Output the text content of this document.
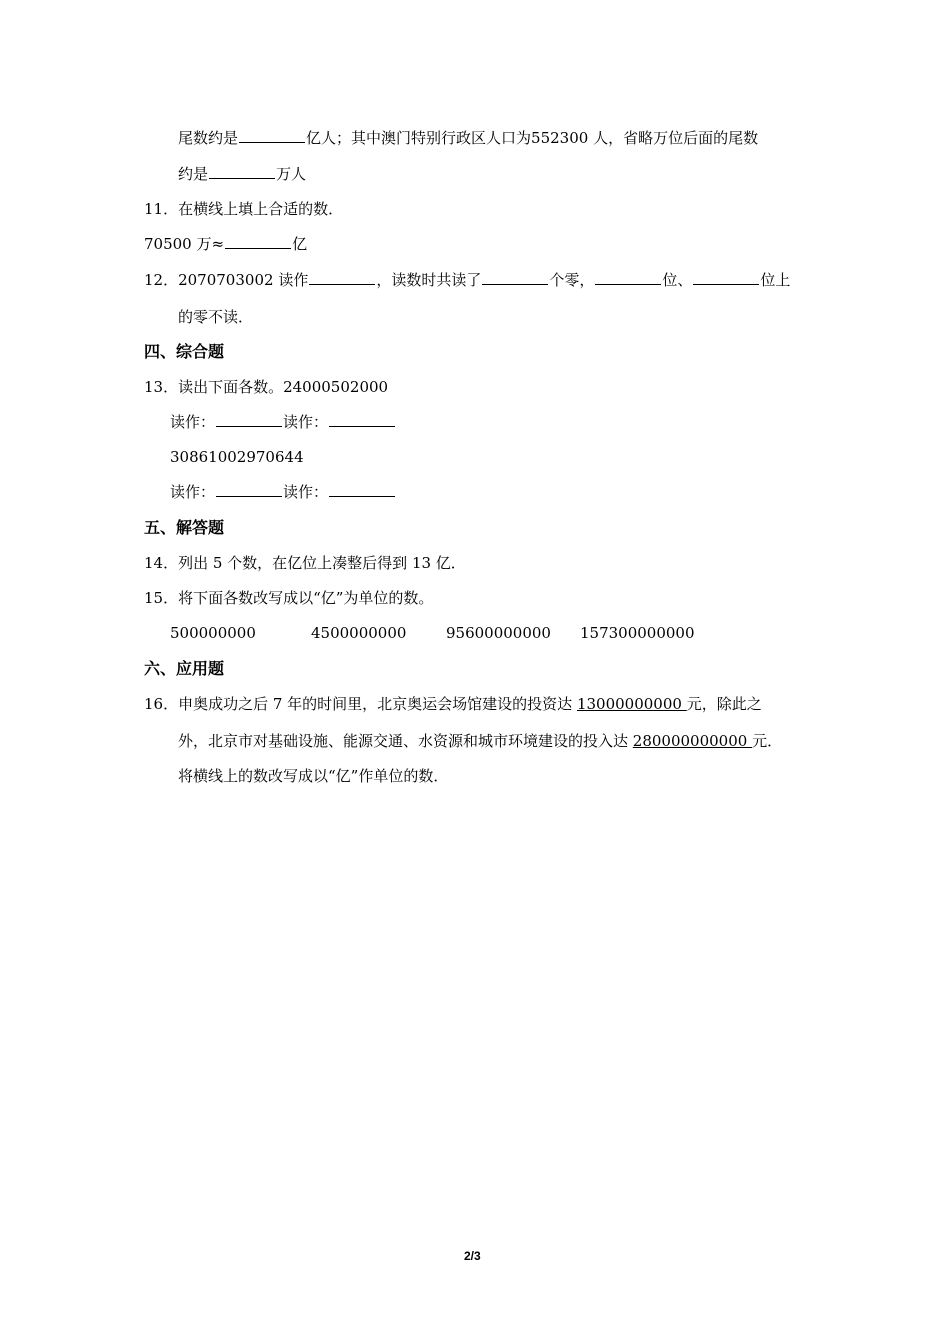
尾数约是	亿人；其中澳门特别行政区人口为552300 人，省略万位后面的尾数
约是	万人
11．在横线上填上合适的数．
70500 万≈	亿
12．2070703002 读作	，读数时共读了	个零，	位、	位上
的零不读．
四、综合题
13．读出下面各数。24000502000
读作：	读作：
30861002970644
读作：	读作：
五、解答题
14．列出 5 个数，在亿位上凑整后得到 13 亿．
15．将下面各数改写成以“亿”为单位的数。
500000000	4500000000	95600000000 157300000000
六、应用题
16．申奥成功之后 7 年的时间里，北京奥运会场馆建设的投资达 13000000000 元，除此之
外，北京市对基础设施、能源交通、水资源和城市环境建设的投入达 280000000000 元．
将横线上的数改写成以“亿”作单位的数．
2/3
